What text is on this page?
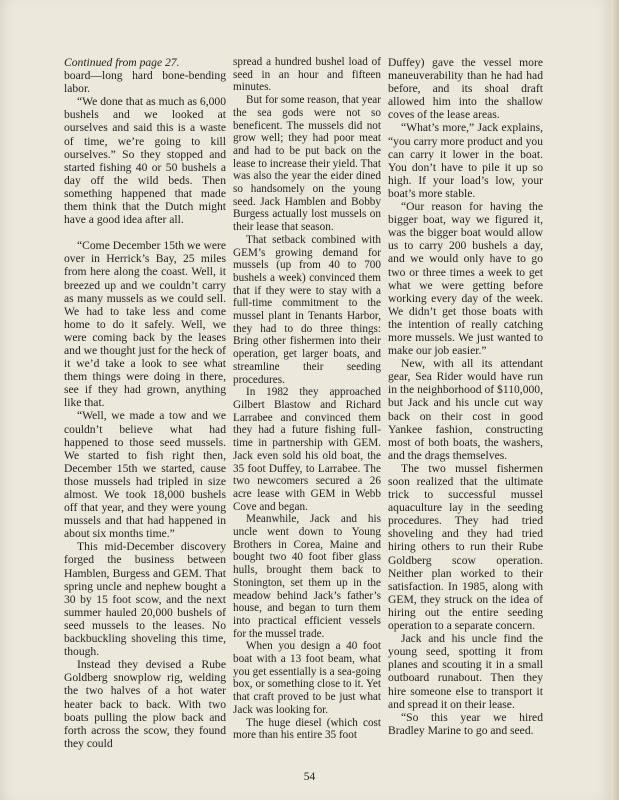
Continued from page 27.

board—long hard bone-bending labor.

“We done that as much as 6,000 bushels and we looked at ourselves and said this is a waste of time, we’re going to kill ourselves.” So they stopped and started fishing 40 or 50 bushels a day off the wild beds. Then something happened that made them think that the Dutch might have a good idea after all.

“Come December 15th we were over in Herrick’s Bay, 25 miles from here along the coast. Well, it breezed up and we couldn’t carry as many mussels as we could sell. We had to take less and come home to do it safely. Well, we were coming back by the leases and we thought just for the heck of it we’d take a look to see what them things were doing in there, see if they had grown, anything like that.

“Well, we made a tow and we couldn’t believe what had happened to those seed mussels. We started to fish right then, December 15th we started, cause those mussels had tripled in size almost. We took 18,000 bushels off that year, and they were young mussels and that had happened in about six months time.”

This mid-December discovery forged the business between Hamblen, Burgess and GEM. That spring uncle and nephew bought a 30 by 15 foot scow, and the next summer hauled 20,000 bushels of seed mussels to the leases. No backbuckling shoveling this time, though.

Instead they devised a Rube Goldberg snowplow rig, welding the two halves of a hot water heater back to back. With two boats pulling the plow back and forth across the scow, they found they could

spread a hundred bushel load of seed in an hour and fifteen minutes.

But for some reason, that year the sea gods were not so beneficent. The mussels did not grow well; they had poor meat and had to be put back on the lease to increase their yield. That was also the year the eider dined so handsomely on the young seed. Jack Hamblen and Bobby Burgess actually lost mussels on their lease that season.

That setback combined with GEM’s growing demand for mussels (up from 40 to 700 bushels a week) convinced them that if they were to stay with a full-time commitment to the mussel plant in Tenants Harbor, they had to do three things: Bring other fishermen into their operation, get larger boats, and streamline their seeding procedures.

In 1982 they approached Gilbert Blastow and Richard Larrabee and convinced them they had a future fishing full-time in partnership with GEM. Jack even sold his old boat, the 35 foot Duffey, to Larrabee. The two newcomers secured a 26 acre lease with GEM in Webb Cove and began.

Meanwhile, Jack and his uncle went down to Young Brothers in Corea, Maine and bought two 40 foot fiber glass hulls, brought them back to Stonington, set them up in the meadow behind Jack’s father’s house, and began to turn them into practical efficient vessels for the mussel trade.

When you design a 40 foot boat with a 13 foot beam, what you get essentially is a sea-going box, or something close to it. Yet that craft proved to be just what Jack was looking for.

The huge diesel (which cost more than his entire 35 foot

Duffey) gave the vessel more maneuverability than he had had before, and its shoal draft allowed him into the shallow coves of the lease areas.

“What’s more,” Jack explains, “you carry more product and you can carry it lower in the boat. You don’t have to pile it up so high. If your load’s low, your boat’s more stable.

“Our reason for having the bigger boat, way we figured it, was the bigger boat would allow us to carry 200 bushels a day, and we would only have to go two or three times a week to get what we were getting before working every day of the week. We didn’t get those boats with the intention of really catching more mussels. We just wanted to make our job easier.”

New, with all its attendant gear, Sea Rider would have run in the neighborhood of $110,000, but Jack and his uncle cut way back on their cost in good Yankee fashion, constructing most of both boats, the washers, and the drags themselves.

The two mussel fishermen soon realized that the ultimate trick to successful mussel aquaculture lay in the seeding procedures. They had tried shoveling and they had tried hiring others to run their Rube Goldberg scow operation. Neither plan worked to their satisfaction. In 1985, along with GEM, they struck on the idea of hiring out the entire seeding operation to a separate concern.

Jack and his uncle find the young seed, spotting it from planes and scouting it in a small outboard runabout. Then they hire someone else to transport it and spread it on their lease.

“So this year we hired Bradley Marine to go and seed.

54
